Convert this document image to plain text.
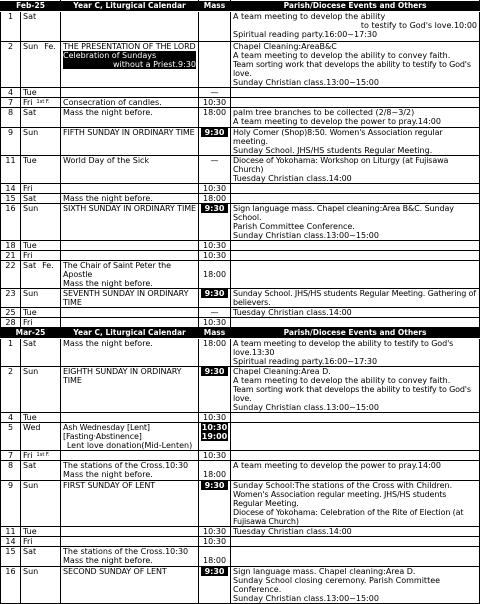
Feb-25		Year C, Liturgical Calendar	Mass	Parish/Diocese Events and Others
1	Sat			A team meeting to develop the ability
to testify to God's love.10:00
Spiritual reading party.16:00~17:30

2	Sun Fe.	THE PRESENTATION OF THE LORD
Celebration of Sundays
without a Priest.9:30		Chapel Cleaning:AreaB&C
A team meeting to develop the ability to convey faith.
Team sorting work that develops the ability to testify to God's love.
Sunday Christian class.13:00~15:00

4	Tue		—	

7	Fri $^{1st F.}$	Consecration of candles.	10:30	

8	Sat	Mass the night before.	18:00	palm tree branches to be collected (2/8~3/2)
A team meeting to develop the power to pray.14:00

9	Sun	FIFTH SUNDAY IN ORDINARY TIME	9:30	Holy Comer (Shop)8:50. Women's Association regular meeting.
Sunday School. JHS/HS students Regular Meeting.

11	Tue	World Day of the Sick	—	Diocese of Yokohama: Workshop on Liturgy (at Fujisawa Church)
Tuesday Christian class.14:00

14	Fri		10:30	

15	Sat	Mass the night before.	18:00	

16	Sun	SIXTH SUNDAY IN ORDINARY TIME	9:30	Sign language mass. Chapel cleaning:Area B&C. Sunday School.
Parish Committee Conference.
Sunday Christian class.13:00~15:00

18	Tue		10:30	

21	Fri		10:30	

22	Sat Fe.	The Chair of Saint Peter the Apostle
Mass the night before.	18:00	

23	Sun	SEVENTH SUNDAY IN ORDINARY TIME	9:30	Sunday School. JHS/HS students Regular Meeting. Gathering of believers.

25	Tue		—	Tuesday Christian class.14:00

28	Fri		10:30	

Mar-25		Year C, Liturgical Calendar	Mass	Parish/Diocese Events and Others
1	Sat	Mass the night before.	18:00	A team meeting to develop the ability to testify to God's love.13:30
Spiritual reading party.16:00~17:30

2	Sun	EIGHTH SUNDAY IN ORDINARY TIME	9:30	Chapel Cleaning:Area D.
A team meeting to develop the ability to convey faith.
Team sorting work that develops the ability to testify to God's love.
Sunday Christian class.13:00~15:00

4	Tue		10:30	

5	Wed	Ash Wednesday [Lent] [Fasting·Abstinence]
Lent love donation(Mid-Lenten)	10:30
19:00	

7	Fri $^{1st F.}$		10:30	

8	Sat	The stations of the Cross.10:30
Mass the night before.	18:00	A team meeting to develop the power to pray.14:00

9	Sun	FIRST SUNDAY OF LENT	9:30	Sunday School:The stations of the Cross with Children.
Women's Association regular meeting. JHS/HS students Regular Meeting.
Diocese of Yokohama: Celebration of the Rite of Election (at Fujisawa Church)

11	Tue		10:30	Tuesday Christian class.14:00

14	Fri		10:30	

15	Sat	The stations of the Cross.10:30
Mass the night before.	18:00	

16	Sun	SECOND SUNDAY OF LENT	9:30	Sign language mass. Chapel cleaning:Area D.
Sunday School closing ceremony. Parish Committee Conference.
Sunday Christian class.13:00~15:00
